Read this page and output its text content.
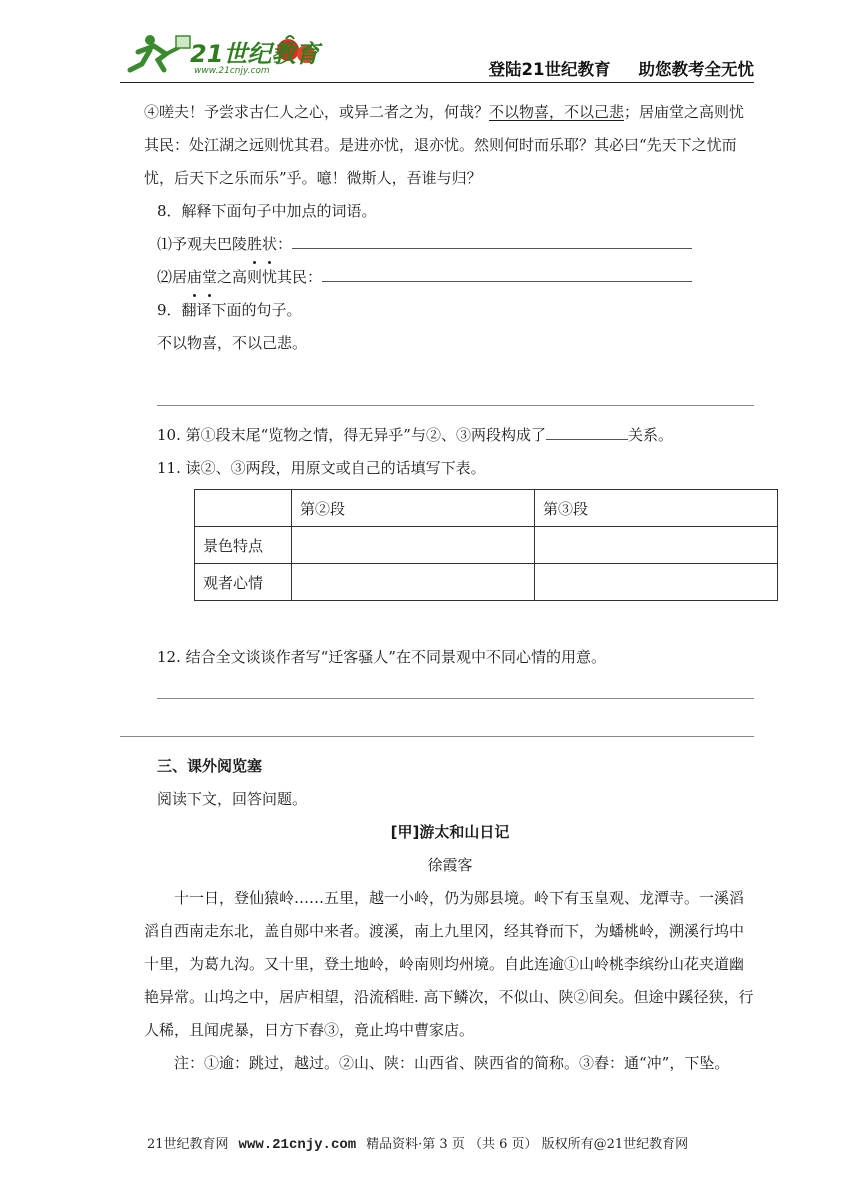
21世纪教育
www.21cnjy.com	登陆21世纪教育 助您教考全无忧

④嗟夫！予尝求古仁人之心，或异二者之为，何哉？不以物喜，不以己悲；居庙堂之高则忧其民：处江湖之远则忧其君。是进亦忧，退亦忧。然则何时而乐耶？其必曰“先天下之忧而忧，后天下之乐而乐”乎。噫！微斯人，吾谁与归？

8．解释下面句子中加点的词语。

⑴予观夫巴陵胜状：

⑵居庙堂之高则忧其民：

9．翻译下面的句子。

不以物喜，不以己悲。

10. 第①段末尾“览物之情，得无异乎”与②、③两段构成了	关系。

11. 读②、③两段，用原文或自己的话填写下表。

	第②段	第③段
景色特点		
观者心情		

12. 结合全文谈谈作者写“迁客骚人”在不同景观中不同心情的用意。

三、课外阅览塞

阅读下文，回答问题。

[甲]游太和山日记

徐霞客

十一日，登仙猿岭……五里，越一小岭，仍为郧县境。岭下有玉皇观、龙潭寺。一溪滔滔自西南走东北，盖自郧中来者。渡溪，南上九里冈，经其脊而下，为蟠桃岭，溯溪行坞中十里，为葛九沟。又十里，登土地岭，岭南则均州境。自此连逾①山岭桃李缤纷山花夹道幽艳异常。山坞之中，居庐相望，沿流稻畦. 高下鳞次，不似山、陕②间矣。但途中蹊径狭，行人稀，且闻虎暴，日方下舂③，竟止坞中曹家店。

注：①逾：跳过，越过。②山、陕：山西省、陕西省的简称。③舂：通“冲”，下坠。

21世纪教育网 www.21cnjy.com 精品资料·第 3 页 （共 6 页） 版权所有@21世纪教育网
